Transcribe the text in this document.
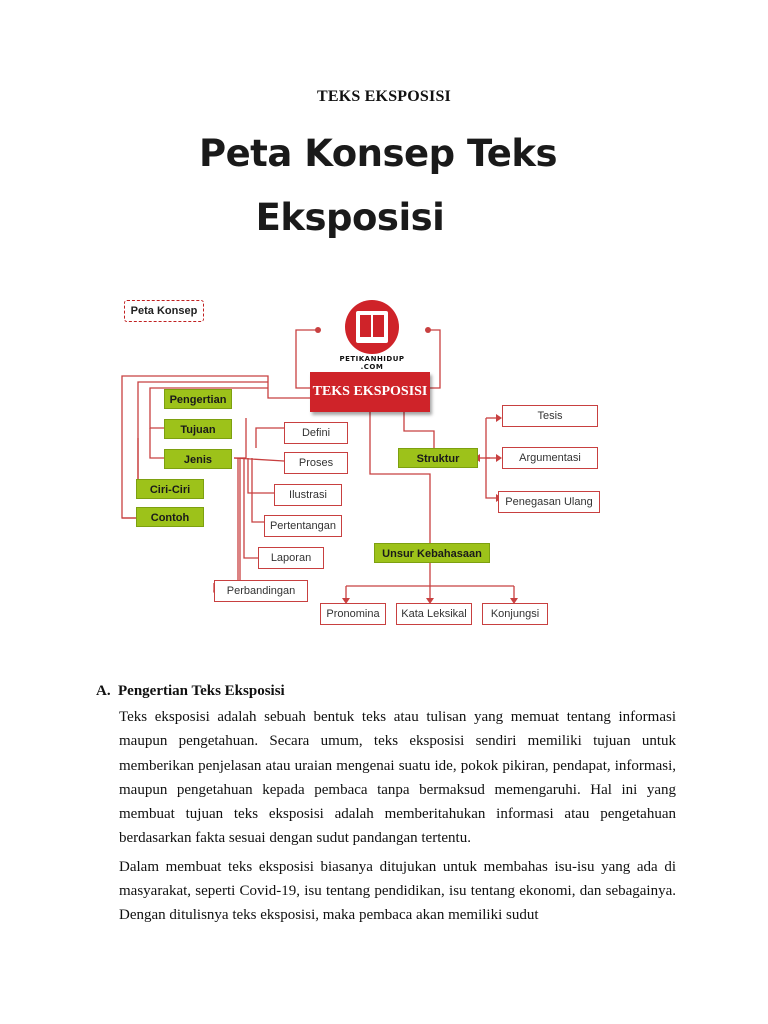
TEKS EKSPOSISI
Peta Konsep Teks
Eksposisi
Peta Konsep
PETIKANHIDUP
.COM
TEKS EKSPOSISI
Pengertian
Tujuan
Jenis
Ciri-Ciri
Contoh
Defini
Proses
Ilustrasi
Pertentangan
Laporan
Perbandingan
Struktur
Tesis
Argumentasi
Penegasan Ulang
Unsur Kebahasaan
Pronomina	Kata Leksikal	Konjungsi
A. Pengertian Teks Eksposisi

Teks eksposisi adalah sebuah bentuk teks atau tulisan yang memuat tentang informasi maupun pengetahuan. Secara umum, teks eksposisi sendiri memiliki tujuan untuk memberikan penjelasan atau uraian mengenai suatu ide, pokok pikiran, pendapat, informasi, maupun pengetahuan kepada pembaca tanpa bermaksud memengaruhi. Hal ini yang membuat tujuan teks eksposisi adalah memberitahukan informasi atau pengetahuan berdasarkan fakta sesuai dengan sudut pandangan tertentu.

Dalam membuat teks eksposisi biasanya ditujukan untuk membahas isu-isu yang ada di masyarakat, seperti Covid-19, isu tentang pendidikan, isu tentang ekonomi, dan sebagainya. Dengan ditulisnya teks eksposisi, maka pembaca akan memiliki sudut
